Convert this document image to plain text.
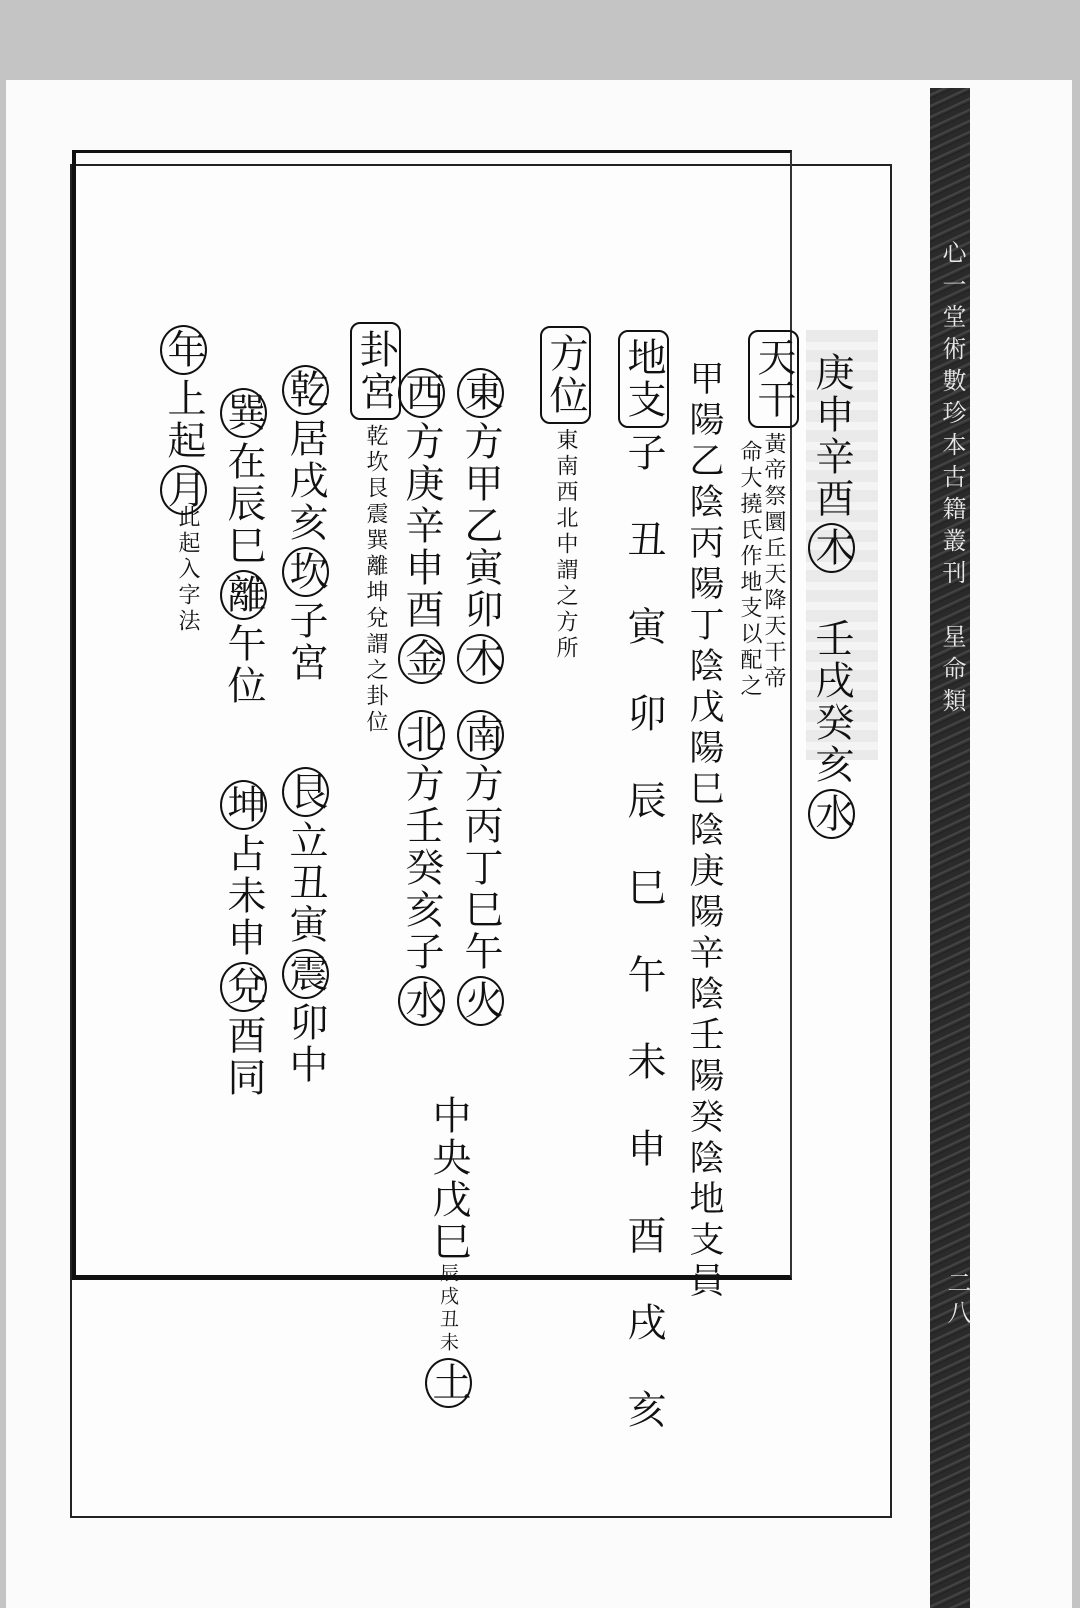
心一堂術數珍本古籍叢刊　星命類
二八
庚申辛酉木　壬戌癸亥水
天干黃帝祭圜丘天降天干帝
命大撓氏作地支以配之
甲陽乙陰丙陽丁陰戊陽巳陰庚陽辛陰壬陽癸陰地支員
地支子丑寅卯辰巳午未申酉戌亥
方位東南西北中謂之方所
東方甲乙寅卯木南方丙丁巳午火
中央戊巳辰戌丑未土
西方庚辛申酉金北方壬癸亥子水
卦宮乾坎艮震巽離坤兌謂之卦位
乾居戌亥坎子宮艮立丑寅震卯中
巽在辰巳離午位坤占未申兌酉同
年上起月
此起入字法
